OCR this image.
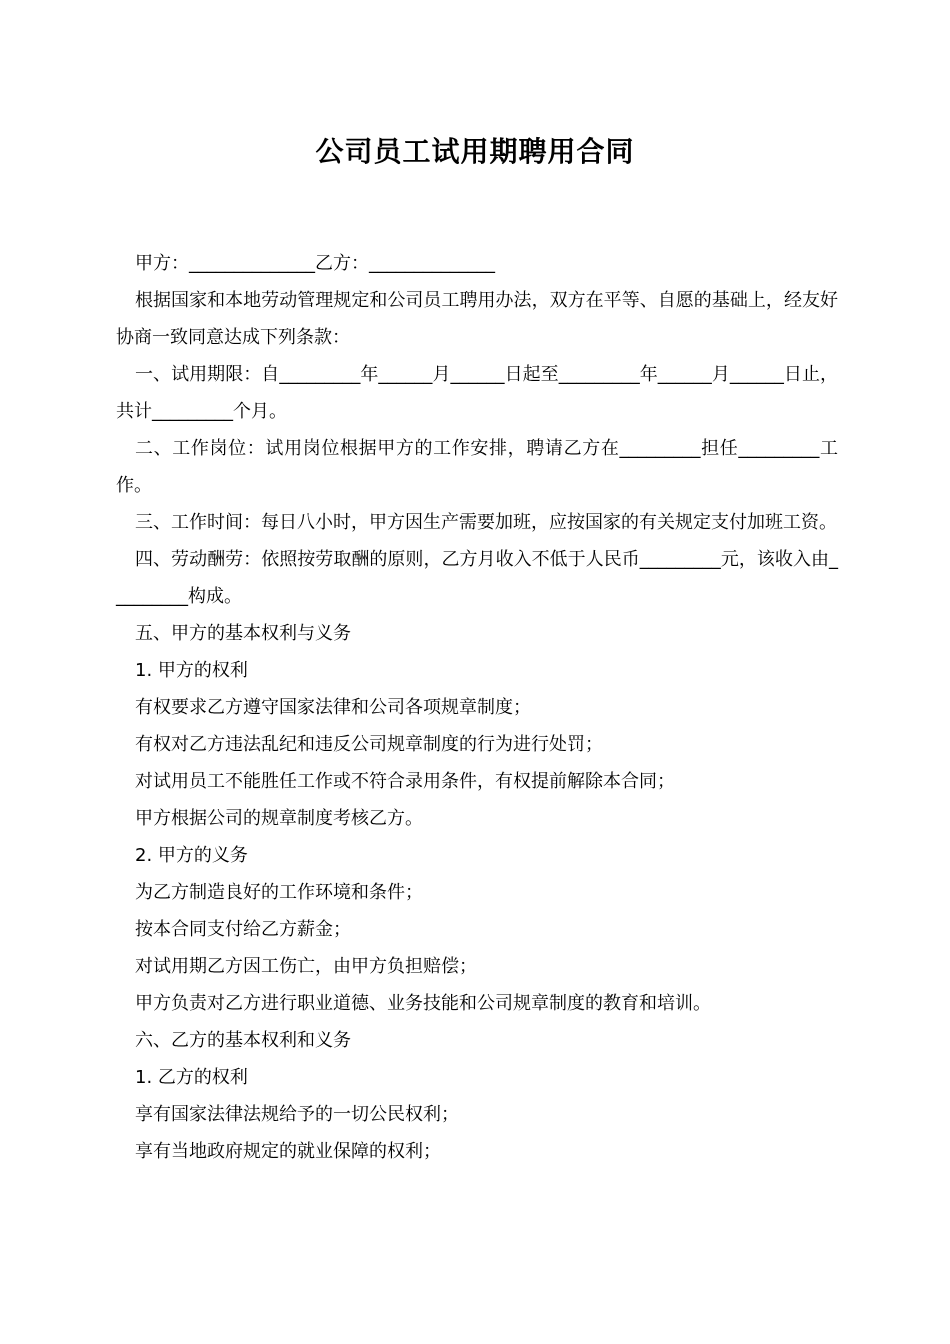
公司员工试用期聘用合同

甲方：______________乙方：______________

根据国家和本地劳动管理规定和公司员工聘用办法，双方在平等、自愿的基础上，经友好协商一致同意达成下列条款：

一、试用期限：自_________年______月______日起至_________年______月______日止，共计_________个月。

二、工作岗位：试用岗位根据甲方的工作安排，聘请乙方在_________担任_________工作。

三、工作时间：每日八小时，甲方因生产需要加班，应按国家的有关规定支付加班工资。

四、劳动酬劳：依照按劳取酬的原则，乙方月收入不低于人民币_________元，该收入由_________构成。

五、甲方的基本权利与义务

1. 甲方的权利

有权要求乙方遵守国家法律和公司各项规章制度；

有权对乙方违法乱纪和违反公司规章制度的行为进行处罚；

对试用员工不能胜任工作或不符合录用条件，有权提前解除本合同；

甲方根据公司的规章制度考核乙方。

2. 甲方的义务

为乙方制造良好的工作环境和条件；

按本合同支付给乙方薪金；

对试用期乙方因工伤亡，由甲方负担赔偿；

甲方负责对乙方进行职业道德、业务技能和公司规章制度的教育和培训。

六、乙方的基本权利和义务

1. 乙方的权利

享有国家法律法规给予的一切公民权利；

享有当地政府规定的就业保障的权利；
